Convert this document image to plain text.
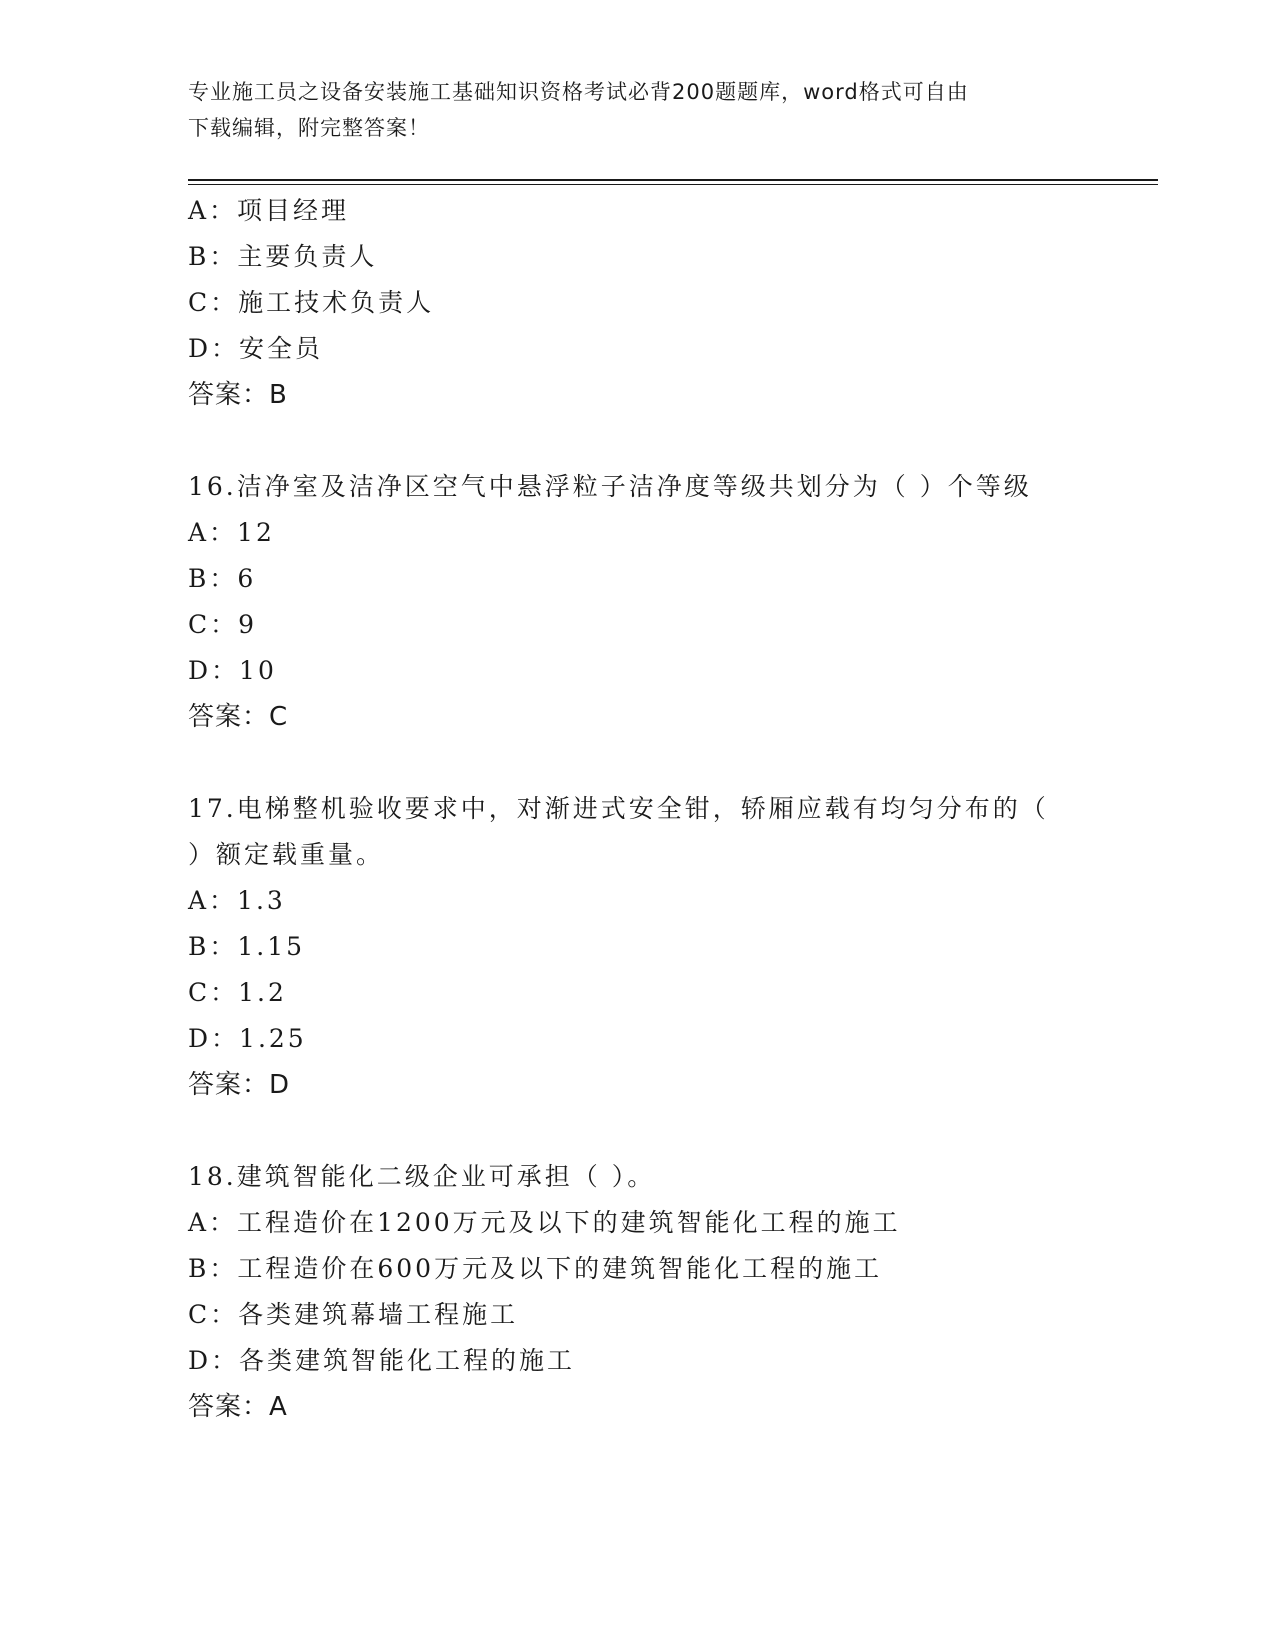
专业施工员之设备安装施工基础知识资格考试必背200题题库，word格式可自由
下载编辑，附完整答案！
A：项目经理
B：主要负责人
C：施工技术负责人
D：安全员
答案：B
16.洁净室及洁净区空气中悬浮粒子洁净度等级共划分为（ ）个等级
A：12
B：6
C：9
D：10
答案：C
17.电梯整机验收要求中，对渐进式安全钳，轿厢应载有均匀分布的（
）额定载重量。
A：1.3
B：1.15
C：1.2
D：1.25
答案：D
18.建筑智能化二级企业可承担（ ）。
A：工程造价在1200万元及以下的建筑智能化工程的施工
B：工程造价在600万元及以下的建筑智能化工程的施工
C：各类建筑幕墙工程施工
D：各类建筑智能化工程的施工
答案：A
